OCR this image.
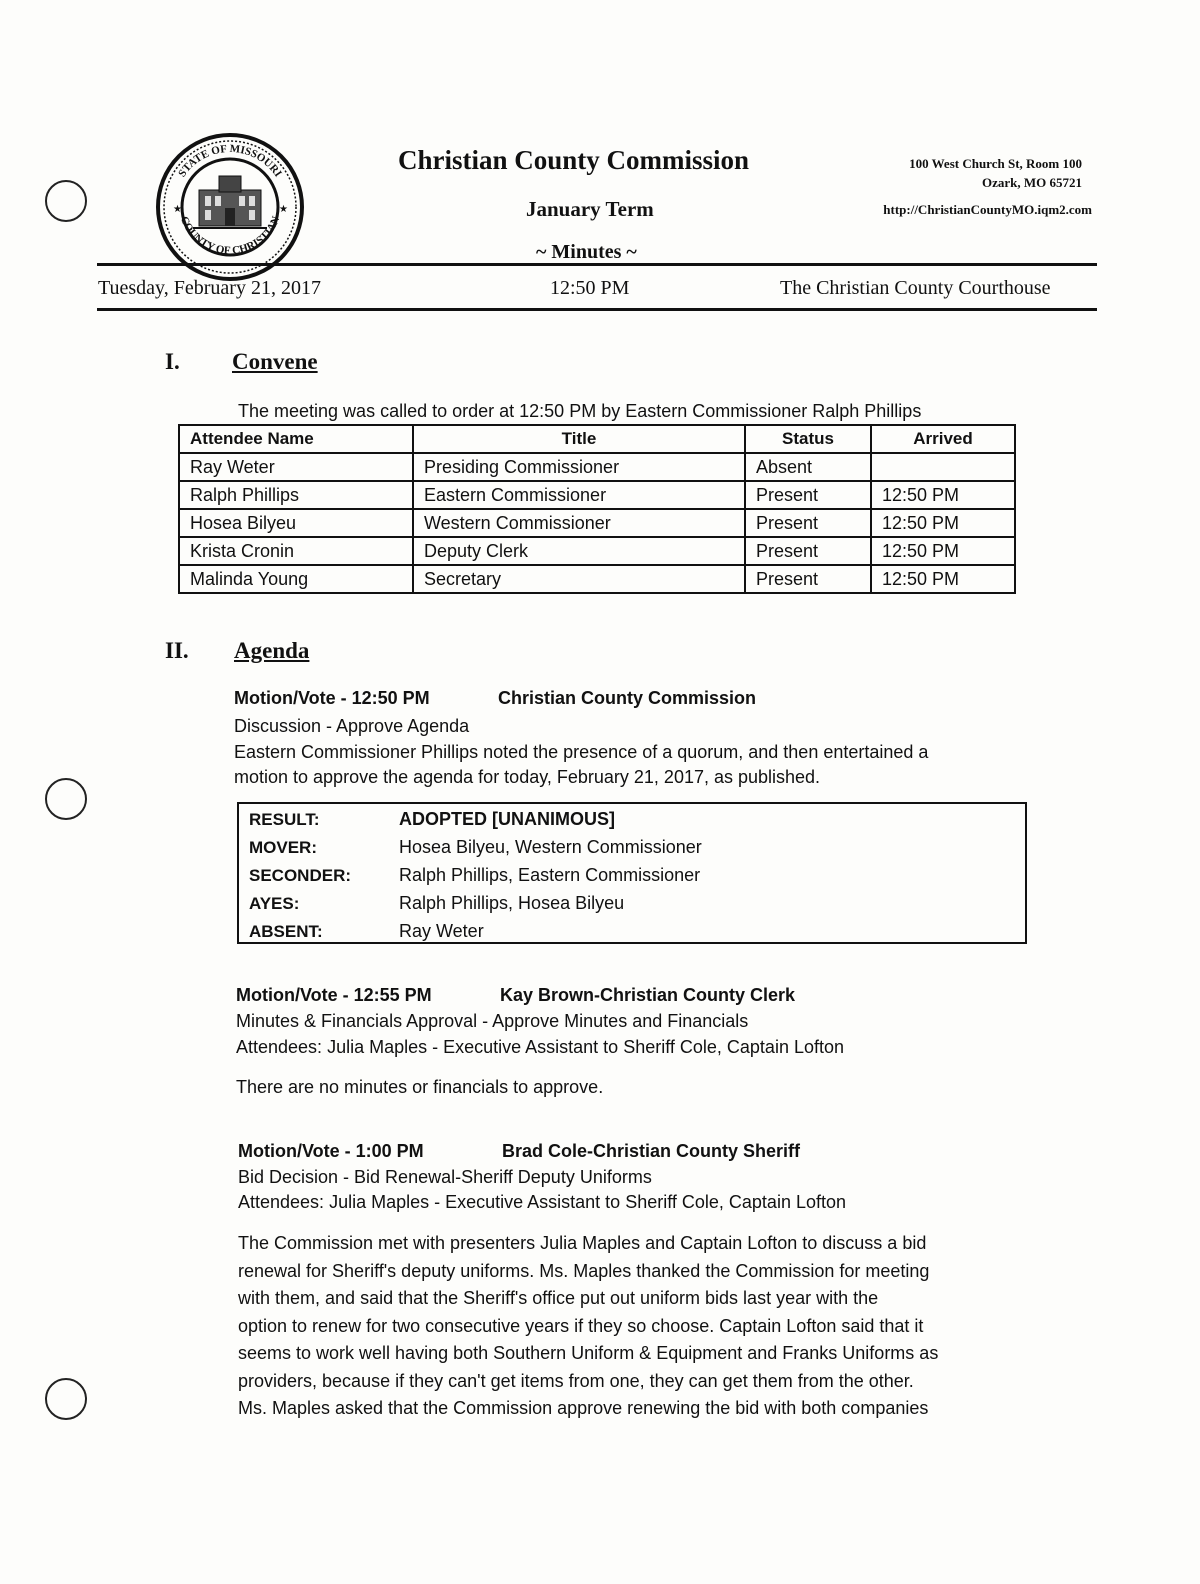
STATE OF MISSOURI
COUNTY OF CHRISTIAN
★	★
Christian County Commission
January Term
~ Minutes ~
100 West Church St, Room 100
Ozark, MO 65721
http://ChristianCountyMO.iqm2.com
Tuesday, February 21, 2017	12:50 PM	The Christian County Courthouse
I. Convene
The meeting was called to order at 12:50 PM by Eastern Commissioner Ralph Phillips
Attendee Name	Title	Status	Arrived
Ray Weter	Presiding Commissioner	Absent	
Ralph Phillips	Eastern Commissioner	Present	12:50 PM
Hosea Bilyeu	Western Commissioner	Present	12:50 PM
Krista Cronin	Deputy Clerk	Present	12:50 PM
Malinda Young	Secretary	Present	12:50 PM
II. Agenda
Motion/Vote - 12:50 PM	Christian County Commission
Discussion - Approve Agenda
Eastern Commissioner Phillips noted the presence of a quorum, and then entertained a
motion to approve the agenda for today, February 21, 2017, as published.
RESULT:	ADOPTED [UNANIMOUS]
MOVER:	Hosea Bilyeu, Western Commissioner
SECONDER:	Ralph Phillips, Eastern Commissioner
AYES:	Ralph Phillips, Hosea Bilyeu
ABSENT:	Ray Weter
Motion/Vote - 12:55 PM	Kay Brown-Christian County Clerk
Minutes & Financials Approval - Approve Minutes and Financials
Attendees: Julia Maples - Executive Assistant to Sheriff Cole, Captain Lofton
There are no minutes or financials to approve.
Motion/Vote - 1:00 PM	Brad Cole-Christian County Sheriff
Bid Decision - Bid Renewal-Sheriff Deputy Uniforms
Attendees: Julia Maples - Executive Assistant to Sheriff Cole, Captain Lofton
The Commission met with presenters Julia Maples and Captain Lofton to discuss a bid
renewal for Sheriff's deputy uniforms. Ms. Maples thanked the Commission for meeting
with them, and said that the Sheriff's office put out uniform bids last year with the
option to renew for two consecutive years if they so choose. Captain Lofton said that it
seems to work well having both Southern Uniform & Equipment and Franks Uniforms as
providers, because if they can't get items from one, they can get them from the other.
Ms. Maples asked that the Commission approve renewing the bid with both companies
